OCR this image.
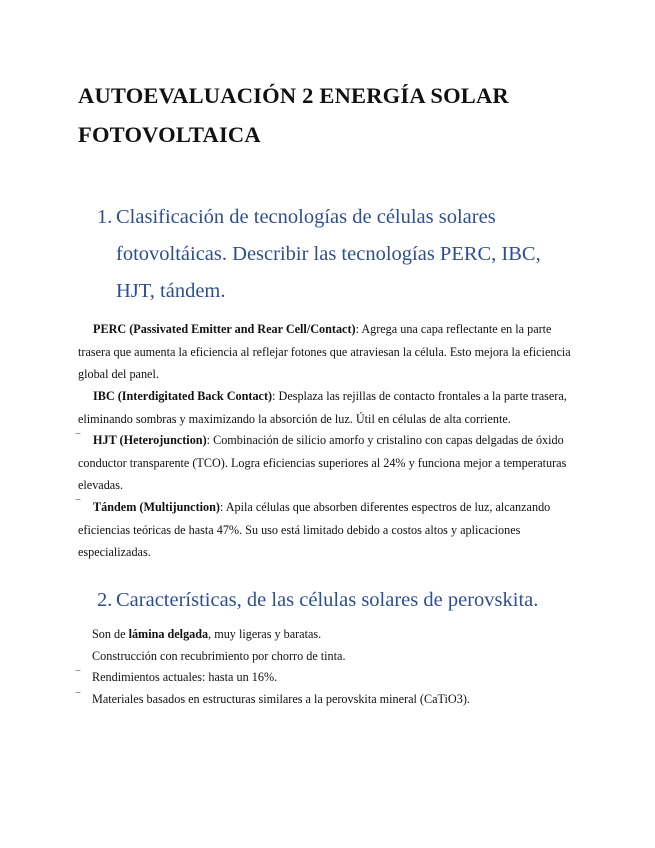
AUTOEVALUACIÓN 2 ENERGÍA SOLAR FOTOVOLTAICA
1. Clasificación de tecnologías de células solares fotovoltáicas. Describir las tecnologías PERC, IBC, HJT, tándem.
PERC (Passivated Emitter and Rear Cell/Contact): Agrega una capa reflectante en la parte trasera que aumenta la eficiencia al reflejar fotones que atraviesan la célula. Esto mejora la eficiencia global del panel.
IBC (Interdigitated Back Contact): Desplaza las rejillas de contacto frontales a la parte trasera, eliminando sombras y maximizando la absorción de luz. Útil en células de alta corriente.
‾	HJT (Heterojunction): Combinación de silicio amorfo y cristalino con capas delgadas de óxido conductor transparente (TCO). Logra eficiencias superiores al 24% y funciona mejor a temperaturas elevadas.
‾	Tándem (Multijunction): Apila células que absorben diferentes espectros de luz, alcanzando eficiencias teóricas de hasta 47%. Su uso está limitado debido a costos altos y aplicaciones especializadas.
2. Características, de las células solares de perovskita.
Son de lámina delgada, muy ligeras y baratas.
Construcción con recubrimiento por chorro de tinta.
‾ Rendimientos actuales: hasta un 16%.
‾ Materiales basados en estructuras similares a la perovskita mineral (CaTiO3).
